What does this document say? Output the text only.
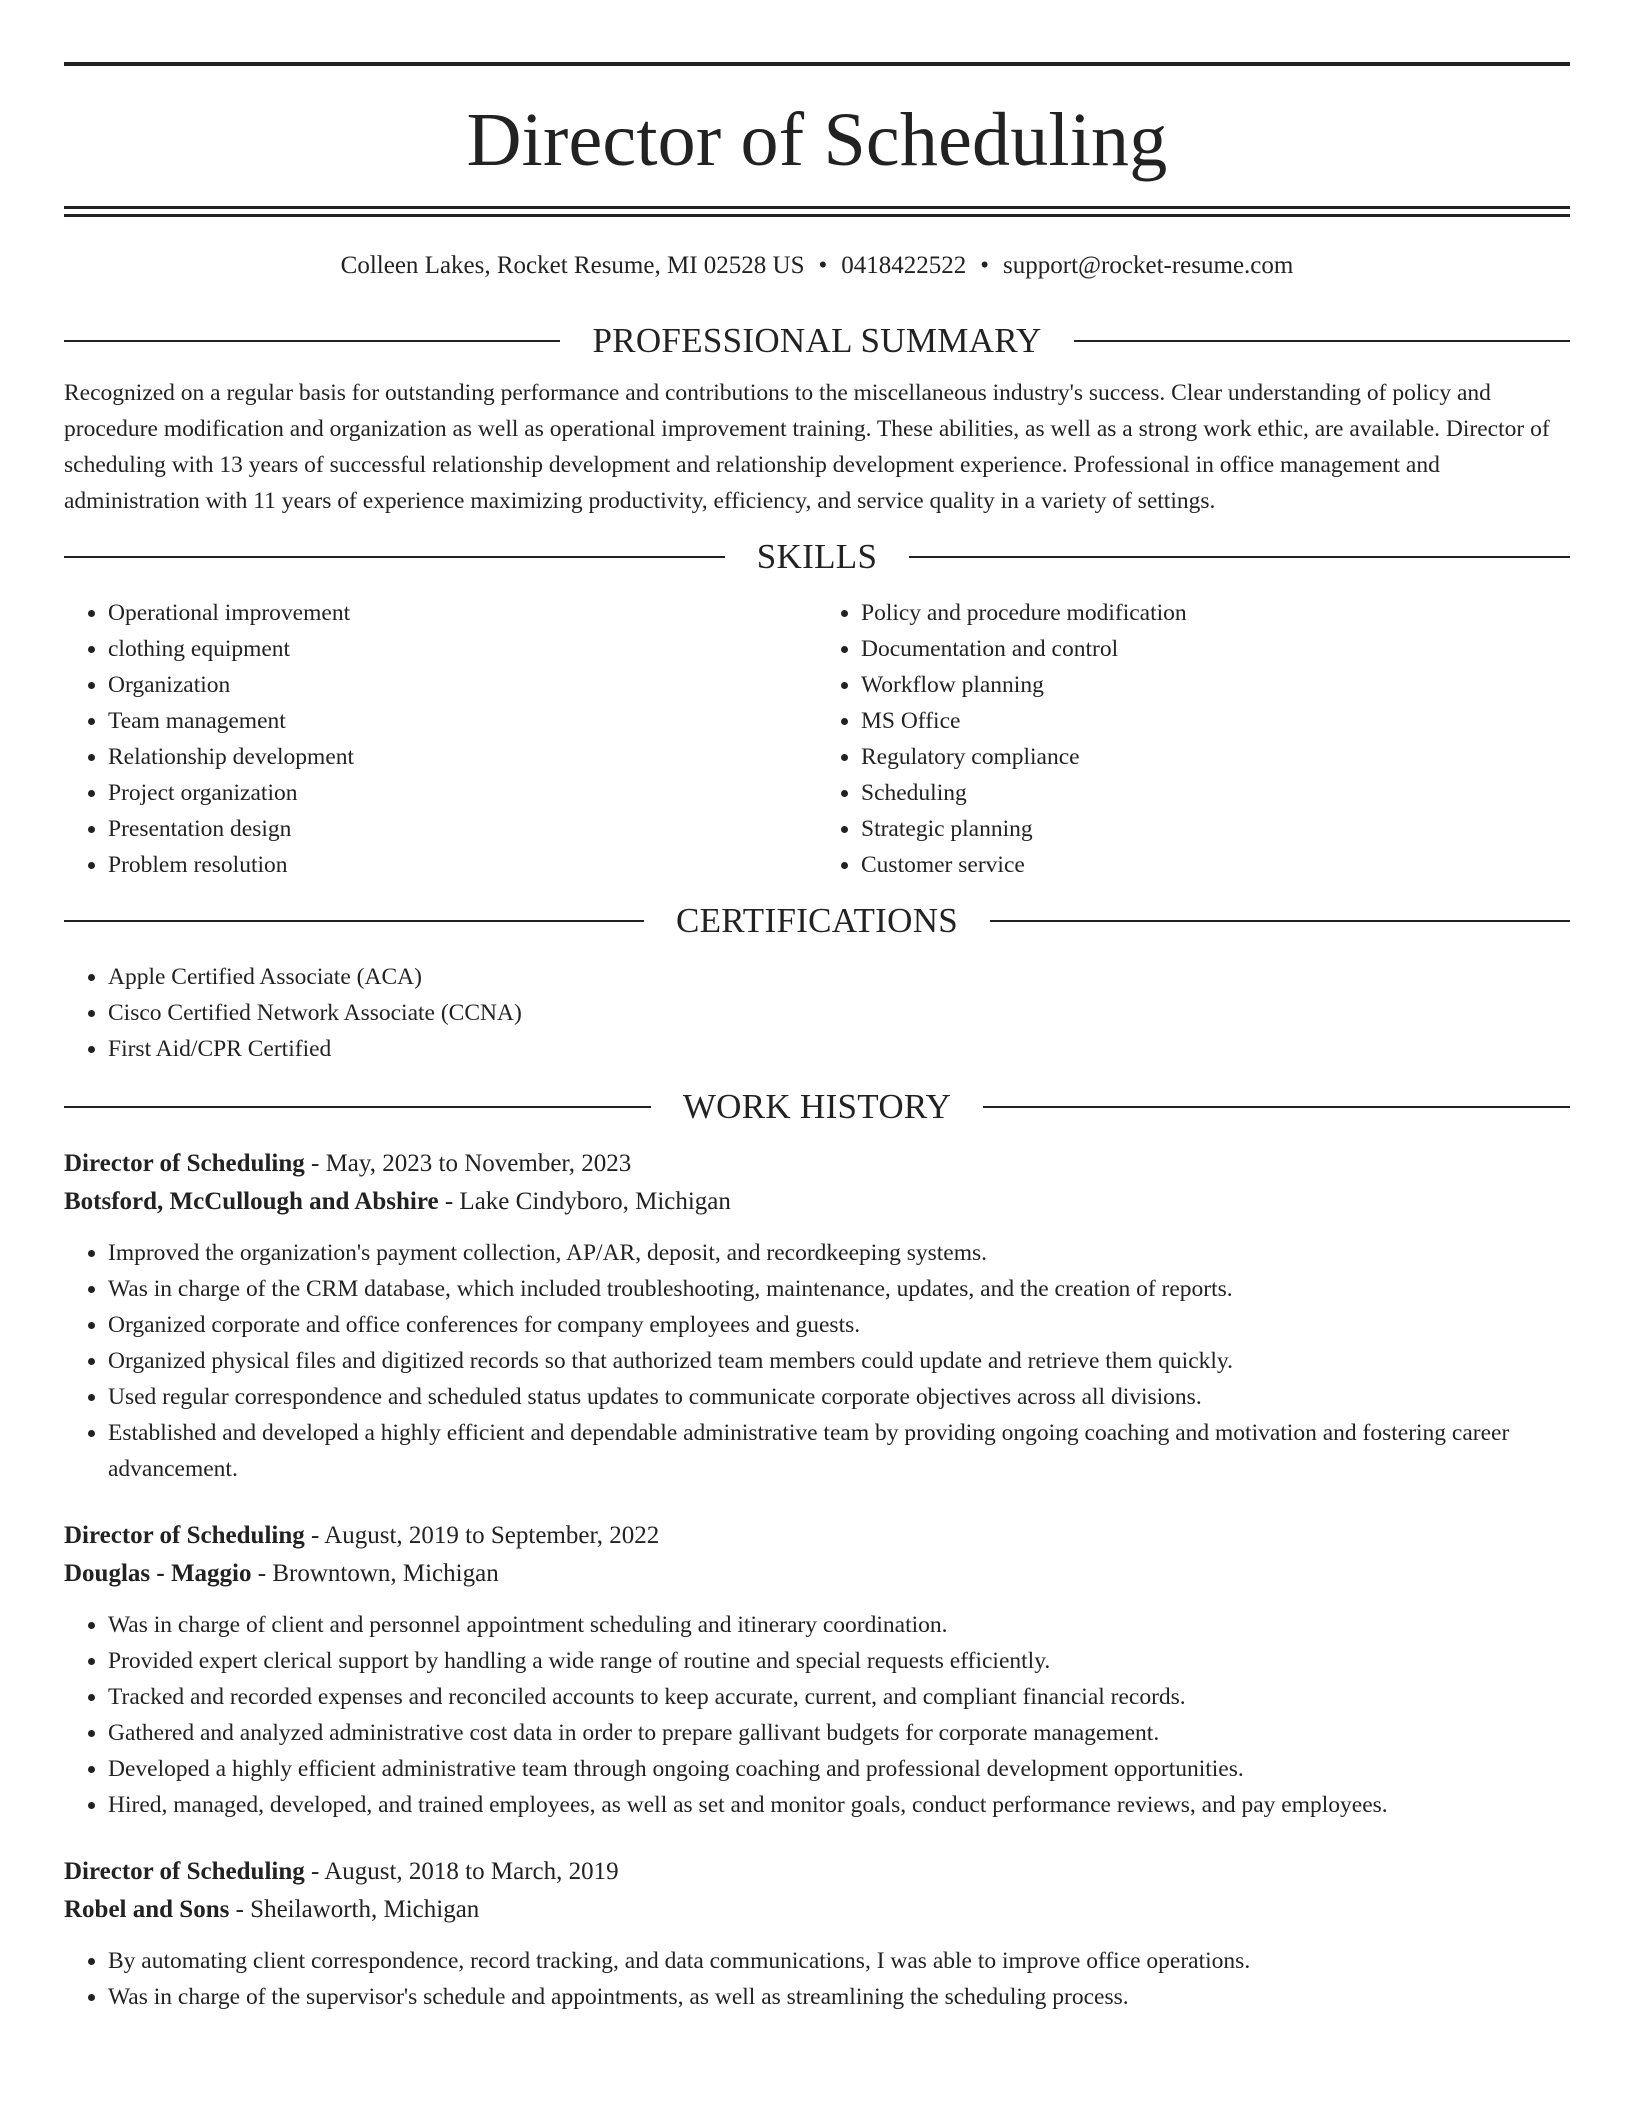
Director of Scheduling
Colleen Lakes, Rocket Resume, MI 02528 US • 0418422522 • support@rocket-resume.com
PROFESSIONAL SUMMARY
Recognized on a regular basis for outstanding performance and contributions to the miscellaneous industry's success. Clear understanding of policy and procedure modification and organization as well as operational improvement training. These abilities, as well as a strong work ethic, are available. Director of scheduling with 13 years of successful relationship development and relationship development experience. Professional in office management and administration with 11 years of experience maximizing productivity, efficiency, and service quality in a variety of settings.
SKILLS
• Operational improvement
• clothing equipment
• Organization
• Team management
• Relationship development
• Project organization
• Presentation design
• Problem resolution
• Policy and procedure modification
• Documentation and control
• Workflow planning
• MS Office
• Regulatory compliance
• Scheduling
• Strategic planning
• Customer service
CERTIFICATIONS
• Apple Certified Associate (ACA)
• Cisco Certified Network Associate (CCNA)
• First Aid/CPR Certified
WORK HISTORY
Director of Scheduling - May, 2023 to November, 2023
Botsford, McCullough and Abshire - Lake Cindyboro, Michigan
• Improved the organization's payment collection, AP/AR, deposit, and recordkeeping systems.
• Was in charge of the CRM database, which included troubleshooting, maintenance, updates, and the creation of reports.
• Organized corporate and office conferences for company employees and guests.
• Organized physical files and digitized records so that authorized team members could update and retrieve them quickly.
• Used regular correspondence and scheduled status updates to communicate corporate objectives across all divisions.
• Established and developed a highly efficient and dependable administrative team by providing ongoing coaching and motivation and fostering career advancement.
Director of Scheduling - August, 2019 to September, 2022
Douglas - Maggio - Browntown, Michigan
• Was in charge of client and personnel appointment scheduling and itinerary coordination.
• Provided expert clerical support by handling a wide range of routine and special requests efficiently.
• Tracked and recorded expenses and reconciled accounts to keep accurate, current, and compliant financial records.
• Gathered and analyzed administrative cost data in order to prepare gallivant budgets for corporate management.
• Developed a highly efficient administrative team through ongoing coaching and professional development opportunities.
• Hired, managed, developed, and trained employees, as well as set and monitor goals, conduct performance reviews, and pay employees.
Director of Scheduling - August, 2018 to March, 2019
Robel and Sons - Sheilaworth, Michigan
• By automating client correspondence, record tracking, and data communications, I was able to improve office operations.
• Was in charge of the supervisor's schedule and appointments, as well as streamlining the scheduling process.
